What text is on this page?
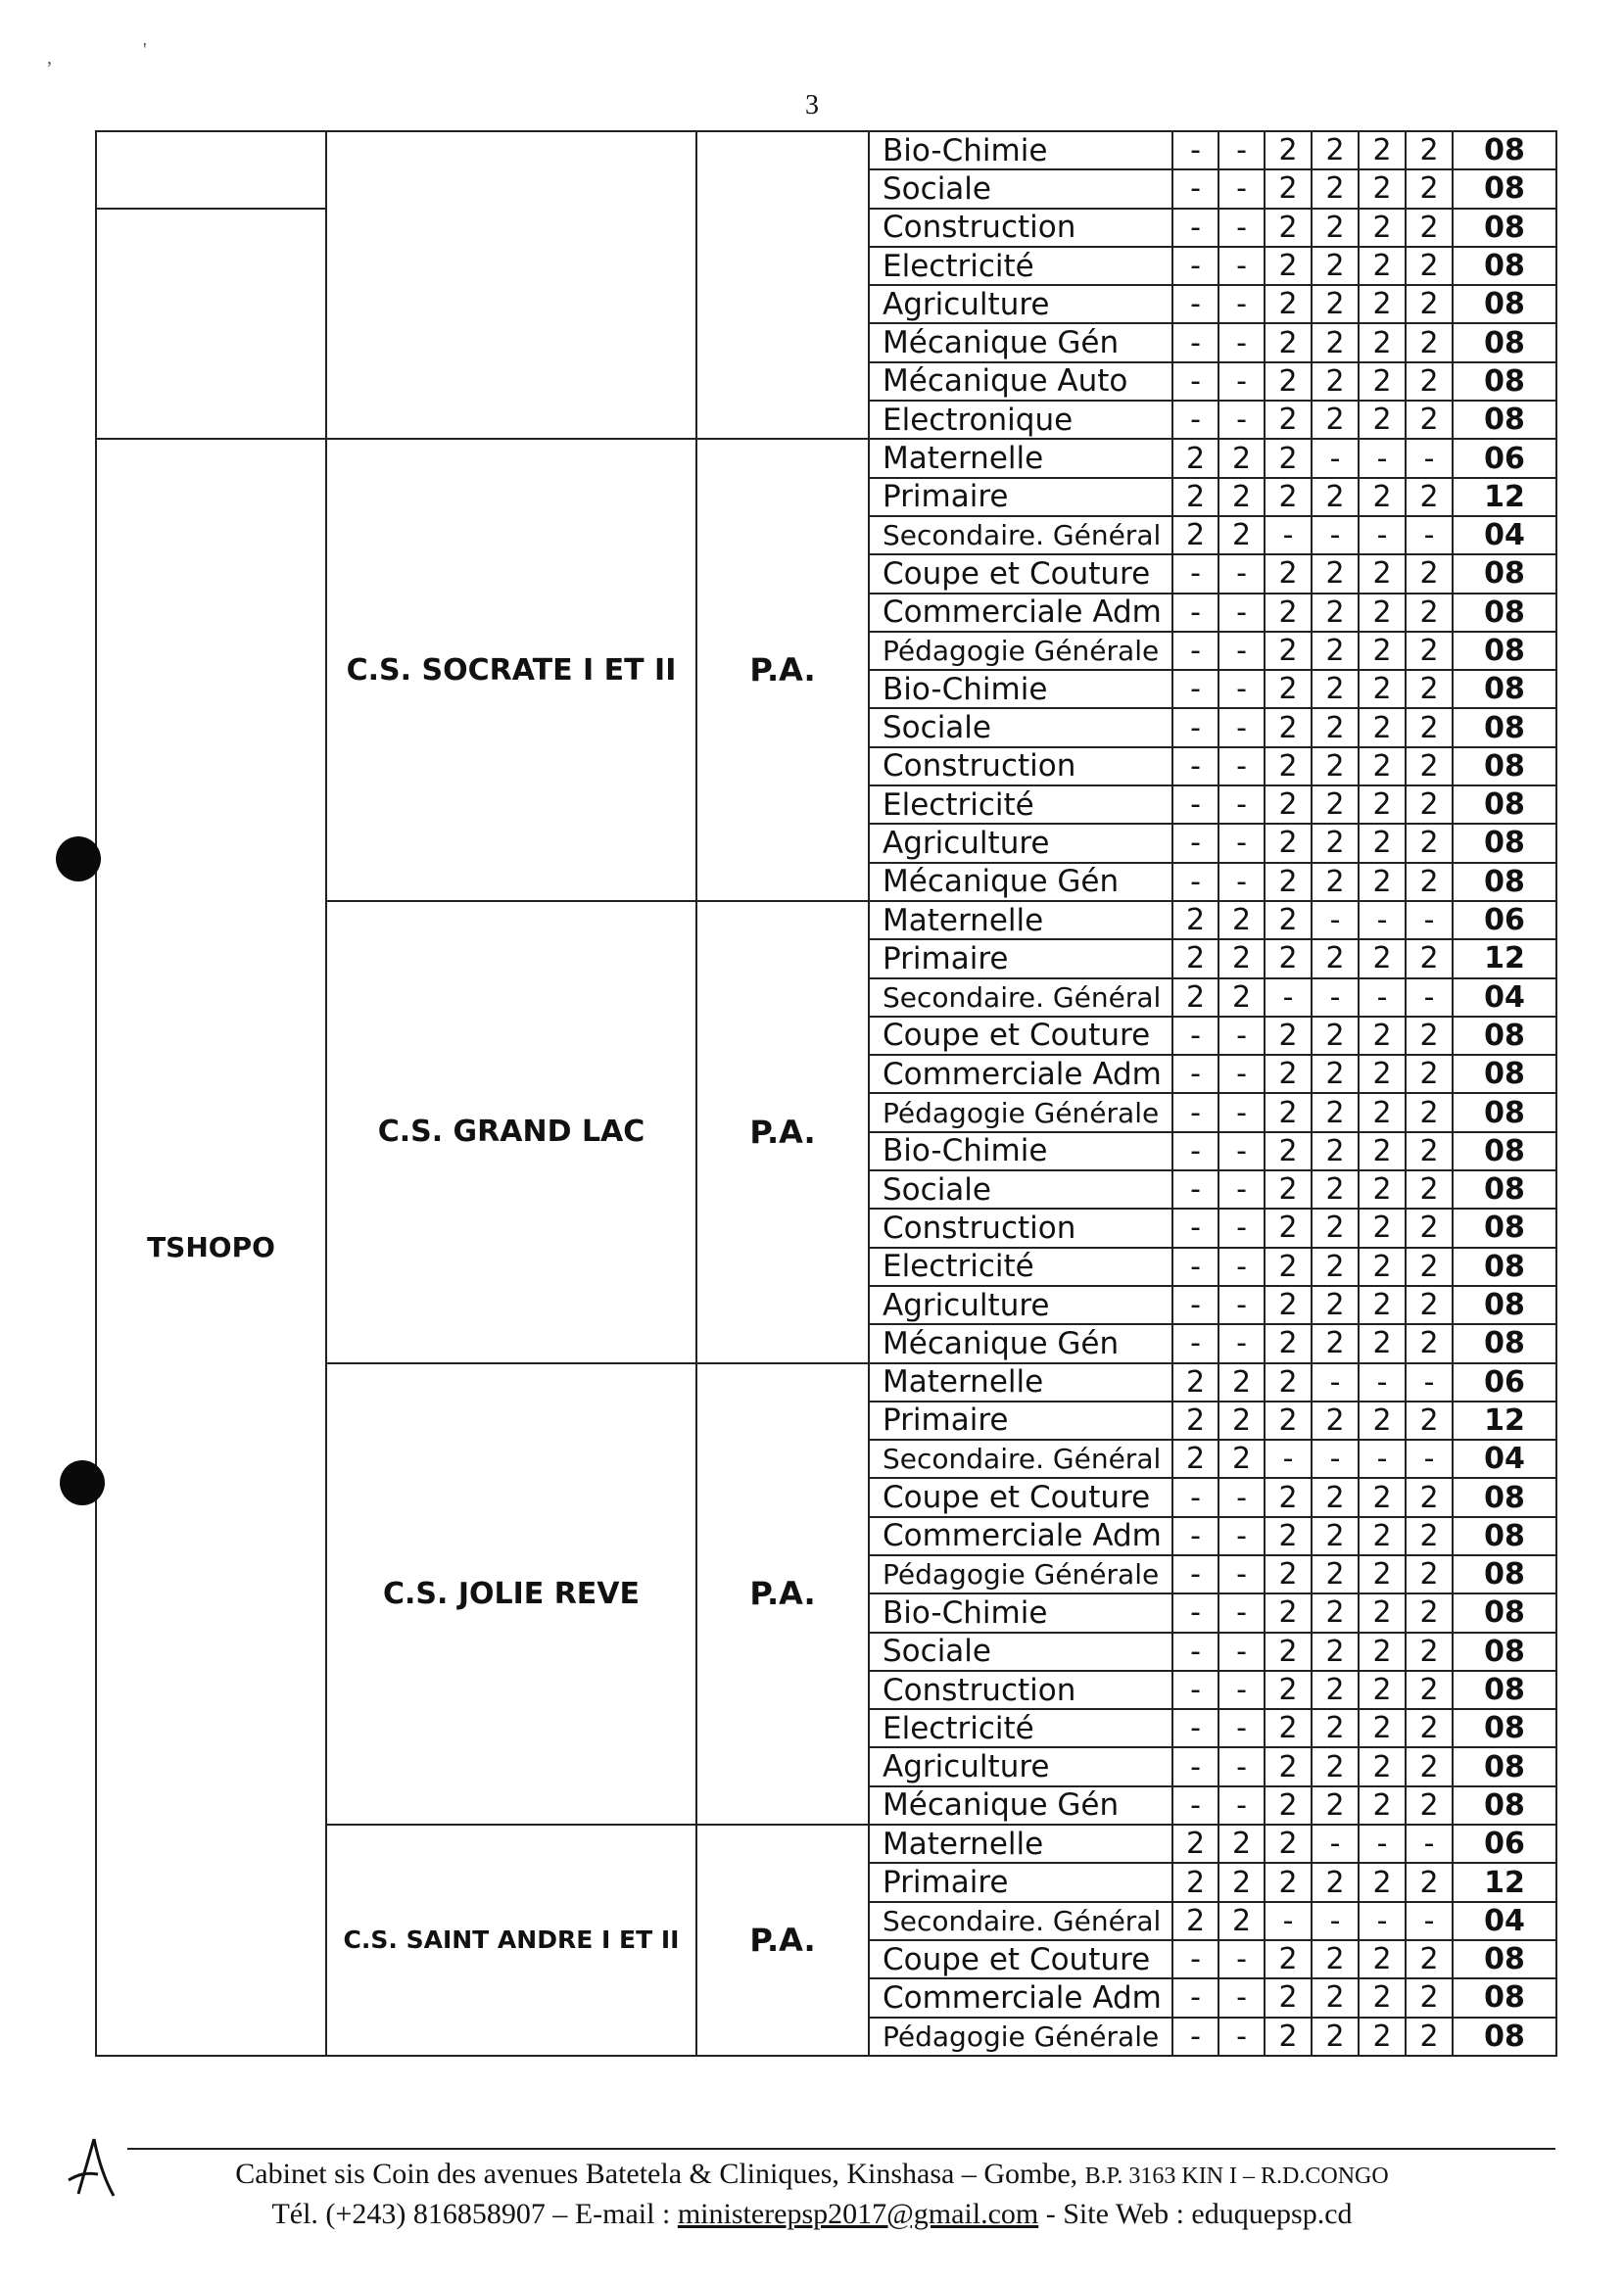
,	'
3
			Bio-Chimie	-	-	2	2	2	2	08
			Sociale	-	-	2	2	2	2	08
			Construction	-	-	2	2	2	2	08
			Electricité	-	-	2	2	2	2	08
			Agriculture	-	-	2	2	2	2	08
			Mécanique Gén	-	-	2	2	2	2	08
			Mécanique Auto	-	-	2	2	2	2	08
			Electronique	-	-	2	2	2	2	08
TSHOPO	C.S. SOCRATE I ET II	P.A.	Maternelle	2	2	2	-	-	-	06
			Primaire	2	2	2	2	2	2	12
			Secondaire. Général	2	2	-	-	-	-	04
			Coupe et Couture	-	-	2	2	2	2	08
			Commerciale Adm	-	-	2	2	2	2	08
			Pédagogie Générale	-	-	2	2	2	2	08
			Bio-Chimie	-	-	2	2	2	2	08
			Sociale	-	-	2	2	2	2	08
			Construction	-	-	2	2	2	2	08
			Electricité	-	-	2	2	2	2	08
			Agriculture	-	-	2	2	2	2	08
			Mécanique Gén	-	-	2	2	2	2	08
	C.S. GRAND LAC	P.A.	Maternelle	2	2	2	-	-	-	06
			Primaire	2	2	2	2	2	2	12
			Secondaire. Général	2	2	-	-	-	-	04
			Coupe et Couture	-	-	2	2	2	2	08
			Commerciale Adm	-	-	2	2	2	2	08
			Pédagogie Générale	-	-	2	2	2	2	08
			Bio-Chimie	-	-	2	2	2	2	08
			Sociale	-	-	2	2	2	2	08
			Construction	-	-	2	2	2	2	08
			Electricité	-	-	2	2	2	2	08
			Agriculture	-	-	2	2	2	2	08
			Mécanique Gén	-	-	2	2	2	2	08
	C.S. JOLIE REVE	P.A.	Maternelle	2	2	2	-	-	-	06
			Primaire	2	2	2	2	2	2	12
			Secondaire. Général	2	2	-	-	-	-	04
			Coupe et Couture	-	-	2	2	2	2	08
			Commerciale Adm	-	-	2	2	2	2	08
			Pédagogie Générale	-	-	2	2	2	2	08
			Bio-Chimie	-	-	2	2	2	2	08
			Sociale	-	-	2	2	2	2	08
			Construction	-	-	2	2	2	2	08
			Electricité	-	-	2	2	2	2	08
			Agriculture	-	-	2	2	2	2	08
			Mécanique Gén	-	-	2	2	2	2	08
	C.S. SAINT ANDRE I ET II	P.A.	Maternelle	2	2	2	-	-	-	06
			Primaire	2	2	2	2	2	2	12
			Secondaire. Général	2	2	-	-	-	-	04
			Coupe et Couture	-	-	2	2	2	2	08
			Commerciale Adm	-	-	2	2	2	2	08
			Pédagogie Générale	-	-	2	2	2	2	08
Cabinet sis Coin des avenues Batetela & Cliniques, Kinshasa – Gombe, B.P. 3163 KIN I – R.D.CONGO
Tél. (+243) 816858907 – E-mail : ministerepsp2017@gmail.com - Site Web : eduquepsp.cd
